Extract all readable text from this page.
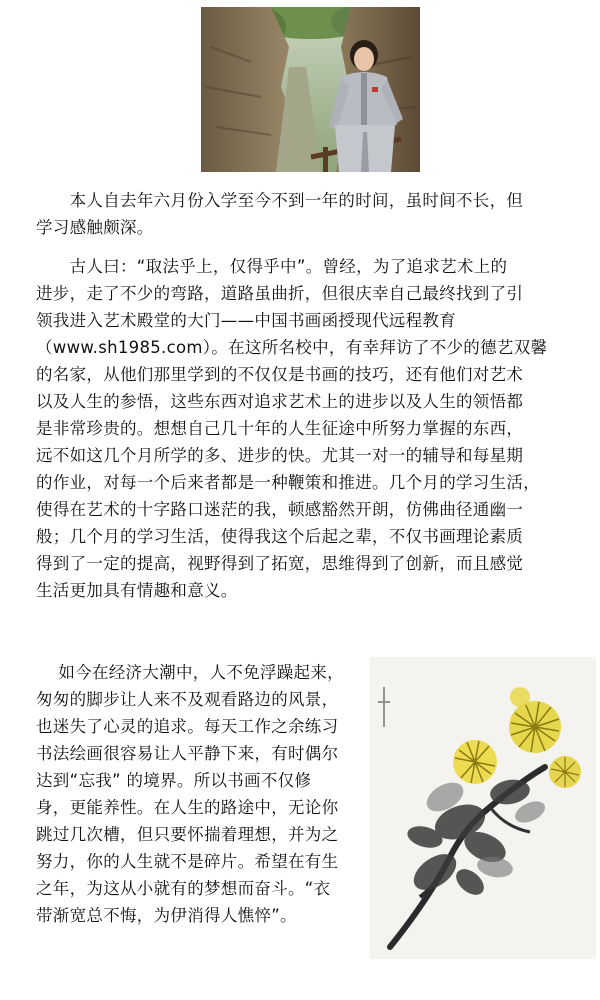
　　本人自去年六月份入学至今不到一年的时间，虽时间不长，但
学习感触颇深。
　　古人曰：“取法乎上，仅得乎中”。曾经，为了追求艺术上的
进步，走了不少的弯路，道路虽曲折，但很庆幸自己最终找到了引
领我进入艺术殿堂的大门——中国书画函授现代远程教育
（www.sh1985.com）。在这所名校中，有幸拜访了不少的德艺双馨
的名家，从他们那里学到的不仅仅是书画的技巧，还有他们对艺术
以及人生的参悟，这些东西对追求艺术上的进步以及人生的领悟都
是非常珍贵的。想想自己几十年的人生征途中所努力掌握的东西，
远不如这几个月所学的多、进步的快。尤其一对一的辅导和每星期
的作业，对每一个后来者都是一种鞭策和推进。几个月的学习生活，
使得在艺术的十字路口迷茫的我，顿感豁然开朗，仿佛曲径通幽一
般；几个月的学习生活，使得我这个后起之辈，不仅书画理论素质
得到了一定的提高，视野得到了拓宽，思维得到了创新，而且感觉
生活更加具有情趣和意义。
　 如今在经济大潮中，人不免浮躁起来，
匆匆的脚步让人来不及观看路边的风景，
也迷失了心灵的追求。每天工作之余练习
书法绘画很容易让人平静下来，有时偶尔
达到“忘我” 的境界。所以书画不仅修
身，更能养性。在人生的路途中，无论你
跳过几次槽，但只要怀揣着理想，并为之
努力，你的人生就不是碎片。希望在有生
之年，为这从小就有的梦想而奋斗。“衣
带渐宽总不悔，为伊消得人憔悴”。
